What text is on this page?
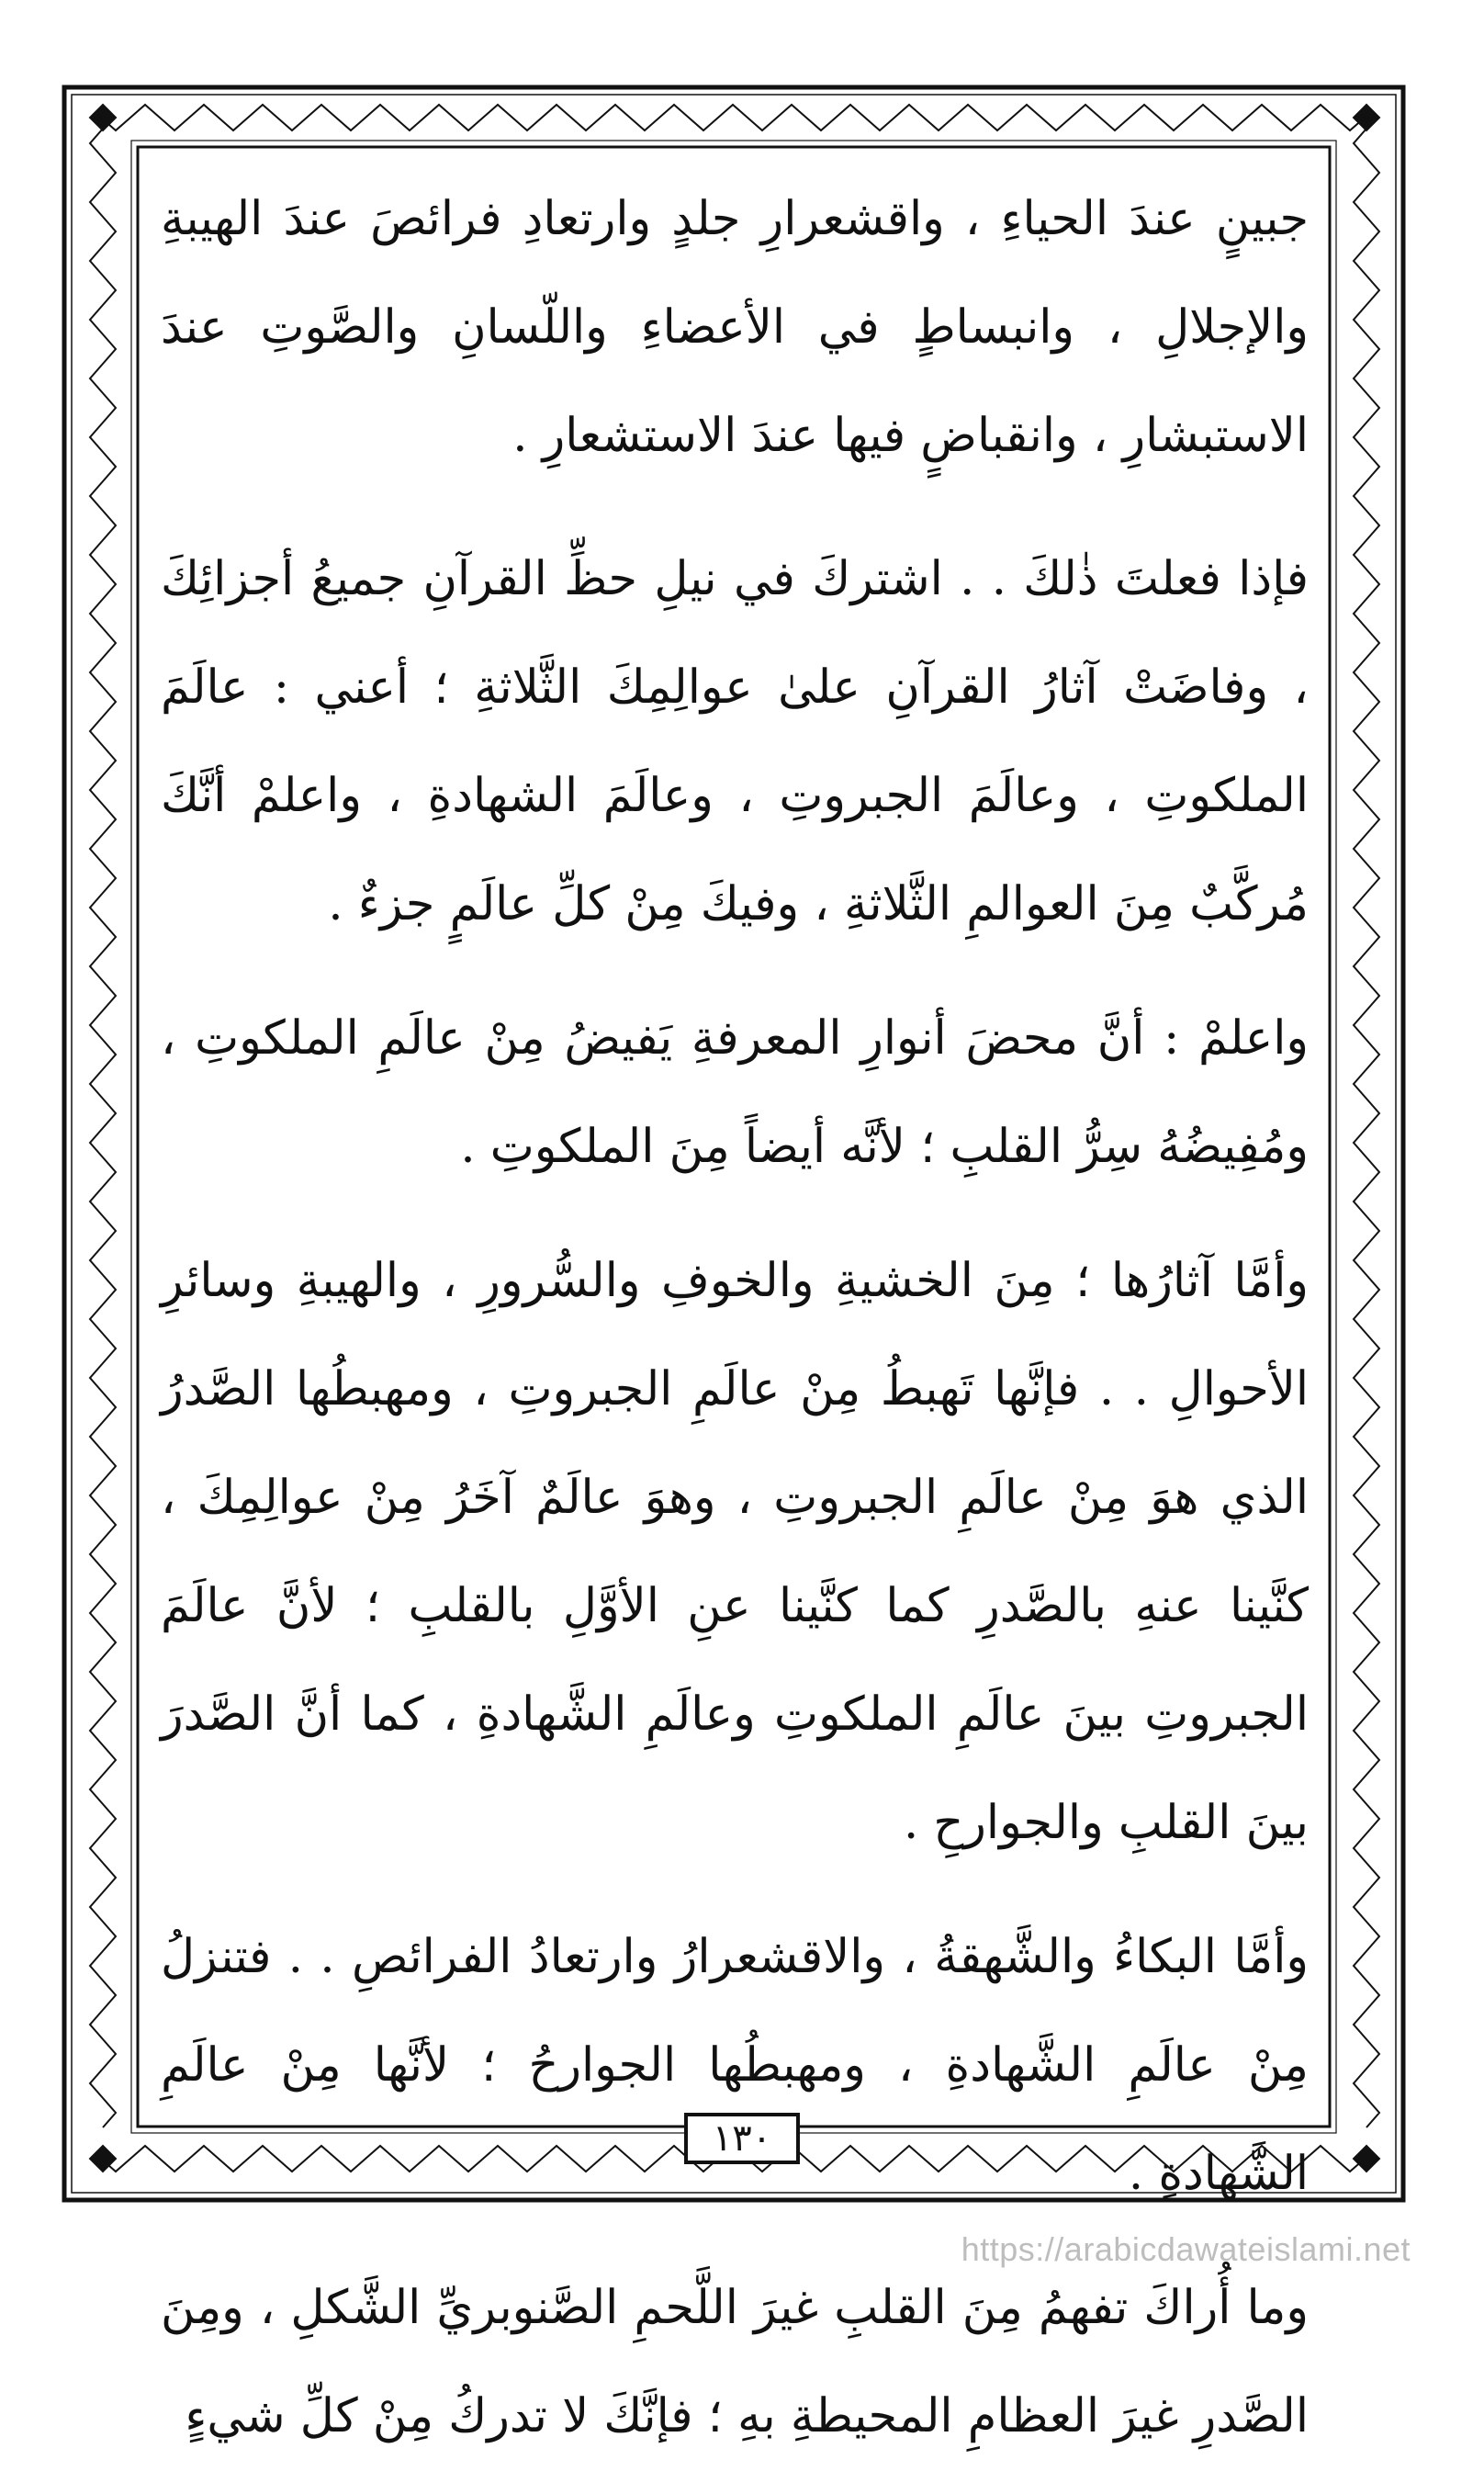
جبينٍ عندَ الحياءِ ، واقشعرارِ جلدٍ وارتعادِ فرائصَ عندَ الهيبةِ والإجلالِ ، وانبساطٍ في الأعضاءِ واللّسانِ والصَّوتِ عندَ الاستبشارِ ، وانقباضٍ فيها عندَ الاستشعارِ .

فإذا فعلتَ ذٰلكَ . . اشتركَ في نيلِ حظِّ القرآنِ جميعُ أجزائِكَ ، وفاضَتْ آثارُ القرآنِ علىٰ عوالِمِكَ الثَّلاثةِ ؛ أعني : عالَمَ الملكوتِ ، وعالَمَ الجبروتِ ، وعالَمَ الشهادةِ ، واعلمْ أنَّكَ مُركَّبٌ مِنَ العوالمِ الثَّلاثةِ ، وفيكَ مِنْ كلِّ عالَمٍ جزءٌ .

واعلمْ : أنَّ محضَ أنوارِ المعرفةِ يَفيضُ مِنْ عالَمِ الملكوتِ ، ومُفِيضُهُ سِرُّ القلبِ ؛ لأنَّه أيضاً مِنَ الملكوتِ .

وأمَّا آثارُها ؛ مِنَ الخشيةِ والخوفِ والسُّرورِ ، والهيبةِ وسائرِ الأحوالِ . . فإنَّها تَهبطُ مِنْ عالَمِ الجبروتِ ، ومهبطُها الصَّدرُ الذي هوَ مِنْ عالَمِ الجبروتِ ، وهوَ عالَمٌ آخَرُ مِنْ عوالِمِكَ ، كنَّينا عنهِ بالصَّدرِ كما كنَّينا عنِ الأوَّلِ بالقلبِ ؛ لأنَّ عالَمَ الجبروتِ بينَ عالَمِ الملكوتِ وعالَمِ الشَّهادةِ ، كما أنَّ الصَّدرَ بينَ القلبِ والجوارحِ .

وأمَّا البكاءُ والشَّهقةُ ، والاقشعرارُ وارتعادُ الفرائصِ . . فتنزلُ مِنْ عالَمِ الشَّهادةِ ، ومهبطُها الجوارحُ ؛ لأنَّها مِنْ عالَمِ الشَّهادةِ .

وما أُراكَ تفهمُ مِنَ القلبِ غيرَ اللَّحمِ الصَّنوبريِّ الشَّكلِ ، ومِنَ الصَّدرِ غيرَ العظامِ المحيطةِ بهِ ؛ فإنَّكَ لا تدركُ مِنْ كلِّ شيءٍ

١٣٠
https://arabicdawateislami.net
